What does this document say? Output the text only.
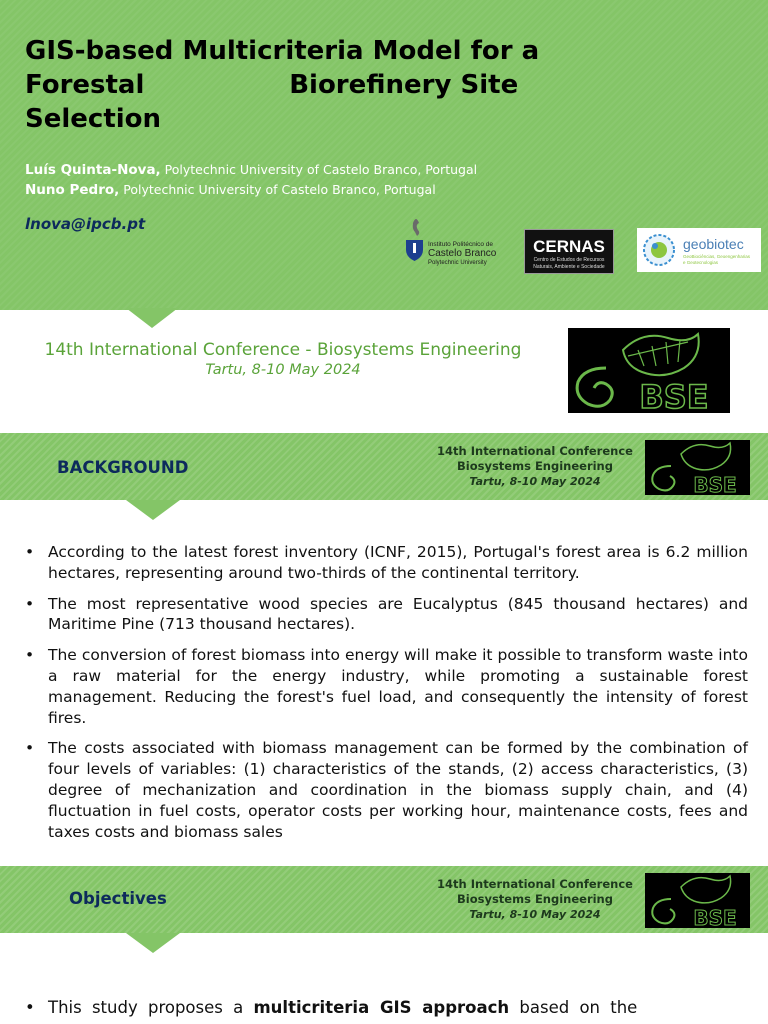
GIS-based Multicriteria Model for a
Forestal                Biorefinery Site
Selection
Luís Quinta-Nova, Polytechnic University of Castelo Branco, Portugal
Nuno Pedro, Polytechnic University of Castelo Branco, Portugal
lnova@ipcb.pt
Instituto Politécnico de
Castelo Branco
Polytechnic University
CERNAS
Centro de Estudos de Recursos
Naturais, Ambiente e Sociedade
geobiotec
GeoBiociências, Geoengenharias
e Geotecnologias
14th International Conference - Biosystems Engineering
Tartu, 8-10 May 2024
BSE
BACKGROUND
14th International Conference
Biosystems Engineering
Tartu, 8-10 May 2024	BSE
• According to the latest forest inventory (ICNF, 2015), Portugal's forest area is 6.2 million hectares, representing around two-thirds of the continental territory.
• The most representative wood species are Eucalyptus (845 thousand hectares) and Maritime Pine (713 thousand hectares).
• The conversion of forest biomass into energy will make it possible to transform waste into a raw material for the energy industry, while promoting a sustainable forest management. Reducing the forest's fuel load, and consequently the intensity of forest fires.
• The costs associated with biomass management can be formed by the combination of four levels of variables: (1) characteristics of the stands, (2) access characteristics, (3) degree of mechanization and coordination in the biomass supply chain, and (4) fluctuation in fuel costs, operator costs per working hour, maintenance costs, fees and taxes costs and biomass sales
Objectives
14th International Conference
Biosystems Engineering
Tartu, 8-10 May 2024	BSE
• This study proposes a multicriteria GIS approach based on the
